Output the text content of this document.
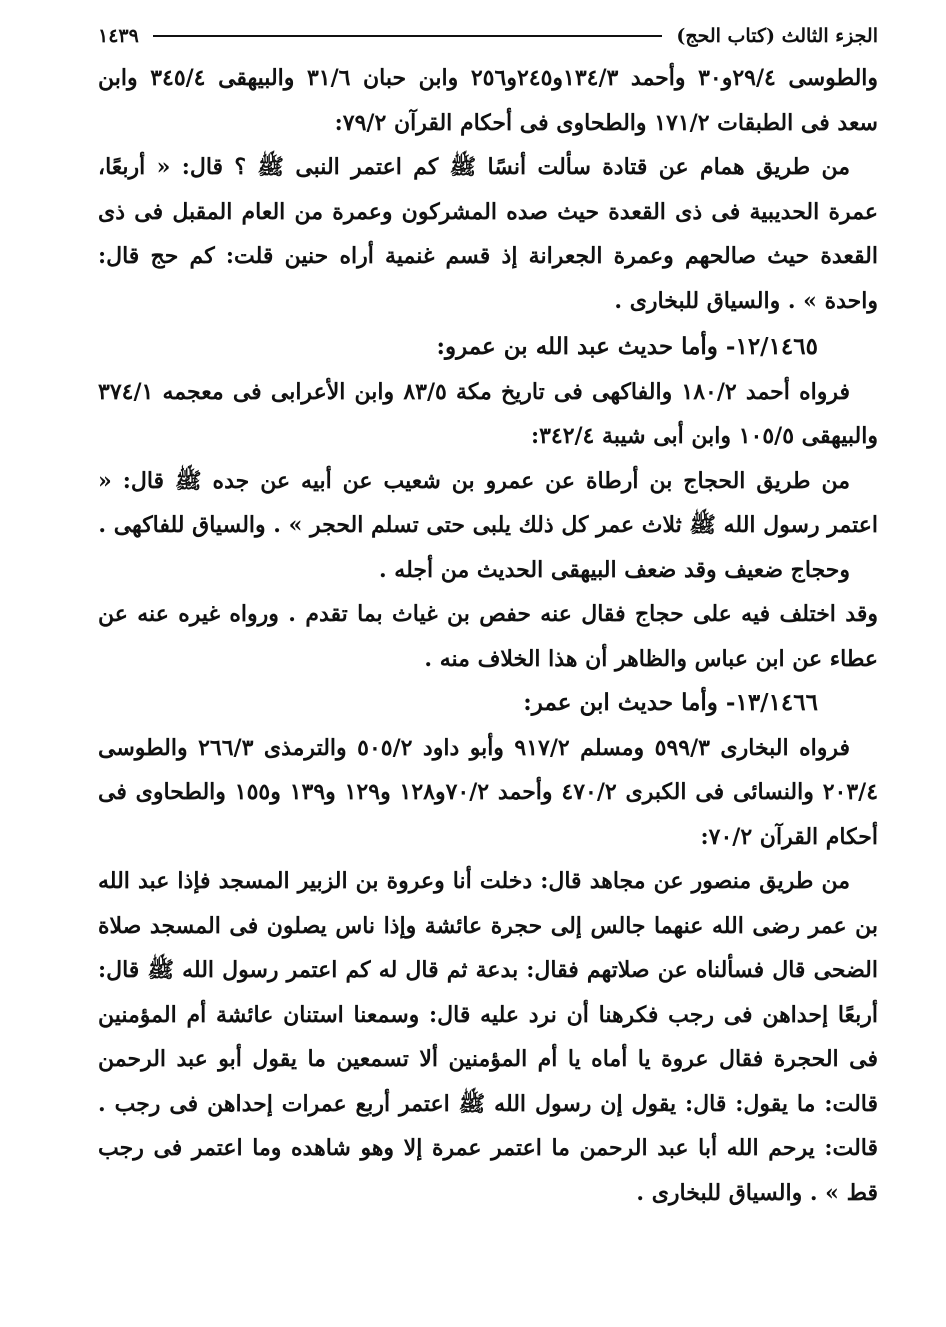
الجزء الثالث (كتاب الحج)
١٤٣٩

والطوسى ٢٩/٤و٣٠ وأحمد ١٣٤/٣و٢٤٥و٢٥٦ وابن حبان ٣١/٦ والبيهقى ٣٤٥/٤ وابن سعد فى الطبقات ١٧١/٢ والطحاوى فى أحكام القرآن ٧٩/٢:

من طريق همام عن قتادة سألت أنسًا ﷺ كم اعتمر النبى ﷺ ؟ قال: « أربعًا، عمرة الحديبية فى ذى القعدة حيث صده المشركون وعمرة من العام المقبل فى ذى القعدة حيث صالحهم وعمرة الجعرانة إذ قسم غنمية أراه حنين قلت: كم حج قال: واحدة » . والسياق للبخارى .

١٢/١٤٦٥- وأما حديث عبد الله بن عمرو:

فرواه أحمد ١٨٠/٢ والفاكهى فى تاريخ مكة ٨٣/٥ وابن الأعرابى فى معجمه ٣٧٤/١ والبيهقى ١٠٥/٥ وابن أبى شيبة ٣٤٢/٤:

من طريق الحجاج بن أرطاة عن عمرو بن شعيب عن أبيه عن جده ﷺ قال: « اعتمر رسول الله ﷺ ثلاث عمر كل ذلك يلبى حتى تسلم الحجر » . والسياق للفاكهى .

وحجاج ضعيف وقد ضعف البيهقى الحديث من أجله .

وقد اختلف فيه على حجاج فقال عنه حفص بن غياث بما تقدم . ورواه غيره عنه عن عطاء عن ابن عباس والظاهر أن هذا الخلاف منه .

١٣/١٤٦٦- وأما حديث ابن عمر:

فرواه البخارى ٥٩٩/٣ ومسلم ٩١٧/٢ وأبو داود ٥٠٥/٢ والترمذى ٢٦٦/٣ والطوسى ٢٠٣/٤ والنسائى فى الكبرى ٤٧٠/٢ وأحمد ٧٠/٢و١٢٨ و١٢٩ و١٣٩ و١٥٥ والطحاوى فى أحكام القرآن ٧٠/٢:

من طريق منصور عن مجاهد قال: دخلت أنا وعروة بن الزبير المسجد فإذا عبد الله بن عمر رضى الله عنهما جالس إلى حجرة عائشة وإذا ناس يصلون فى المسجد صلاة الضحى قال فسألناه عن صلاتهم فقال: بدعة ثم قال له كم اعتمر رسول الله ﷺ قال: أربعًا إحداهن فى رجب فكرهنا أن نرد عليه قال: وسمعنا استنان عائشة أم المؤمنين فى الحجرة فقال عروة يا أماه يا أم المؤمنين ألا تسمعين ما يقول أبو عبد الرحمن قالت: ما يقول: قال: يقول إن رسول الله ﷺ اعتمر أربع عمرات إحداهن فى رجب . قالت: يرحم الله أبا عبد الرحمن ما اعتمر عمرة إلا وهو شاهده وما اعتمر فى رجب قط » . والسياق للبخارى .
